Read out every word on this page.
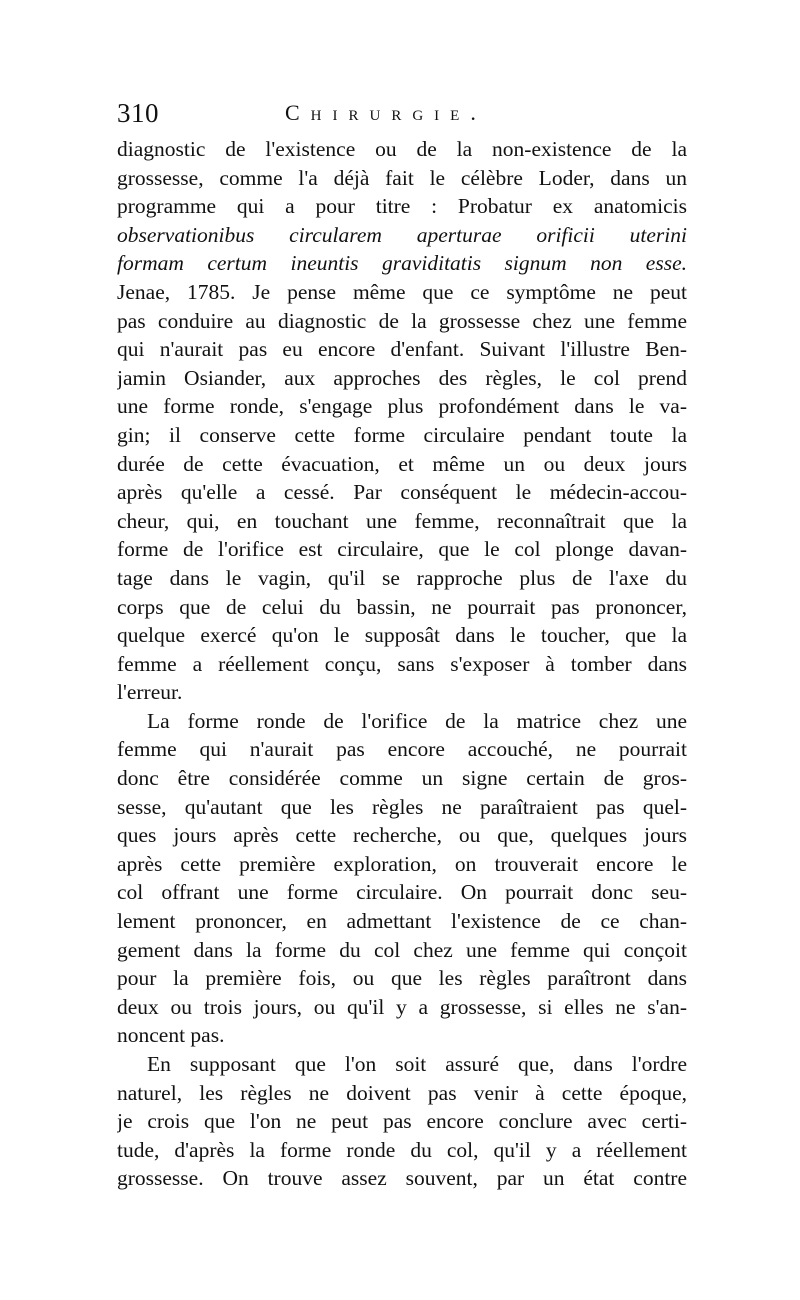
310	Chirurgie.
diagnostic de l'existence ou de la non-existence de la
grossesse, comme l'a déjà fait le célèbre Loder, dans un
programme qui a pour titre : Probatur ex anatomicis
observationibus circularem aperturae orificii uterini
formam certum ineuntis graviditatis signum non esse.
Jenae, 1785. Je pense même que ce symptôme ne peut
pas conduire au diagnostic de la grossesse chez une femme
qui n'aurait pas eu encore d'enfant. Suivant l'illustre Ben-
jamin Osiander, aux approches des règles, le col prend
une forme ronde, s'engage plus profondément dans le va-
gin; il conserve cette forme circulaire pendant toute la
durée de cette évacuation, et même un ou deux jours
après qu'elle a cessé. Par conséquent le médecin-accou-
cheur, qui, en touchant une femme, reconnaîtrait que la
forme de l'orifice est circulaire, que le col plonge davan-
tage dans le vagin, qu'il se rapproche plus de l'axe du
corps que de celui du bassin, ne pourrait pas prononcer,
quelque exercé qu'on le supposât dans le toucher, que la
femme a réellement conçu, sans s'exposer à tomber dans
l'erreur.
La forme ronde de l'orifice de la matrice chez une
femme qui n'aurait pas encore accouché, ne pourrait
donc être considérée comme un signe certain de gros-
sesse, qu'autant que les règles ne paraîtraient pas quel-
ques jours après cette recherche, ou que, quelques jours
après cette première exploration, on trouverait encore le
col offrant une forme circulaire. On pourrait donc seu-
lement prononcer, en admettant l'existence de ce chan-
gement dans la forme du col chez une femme qui conçoit
pour la première fois, ou que les règles paraîtront dans
deux ou trois jours, ou qu'il y a grossesse, si elles ne s'an-
noncent pas.
En supposant que l'on soit assuré que, dans l'ordre
naturel, les règles ne doivent pas venir à cette époque,
je crois que l'on ne peut pas encore conclure avec certi-
tude, d'après la forme ronde du col, qu'il y a réellement
grossesse. On trouve assez souvent, par un état contre
